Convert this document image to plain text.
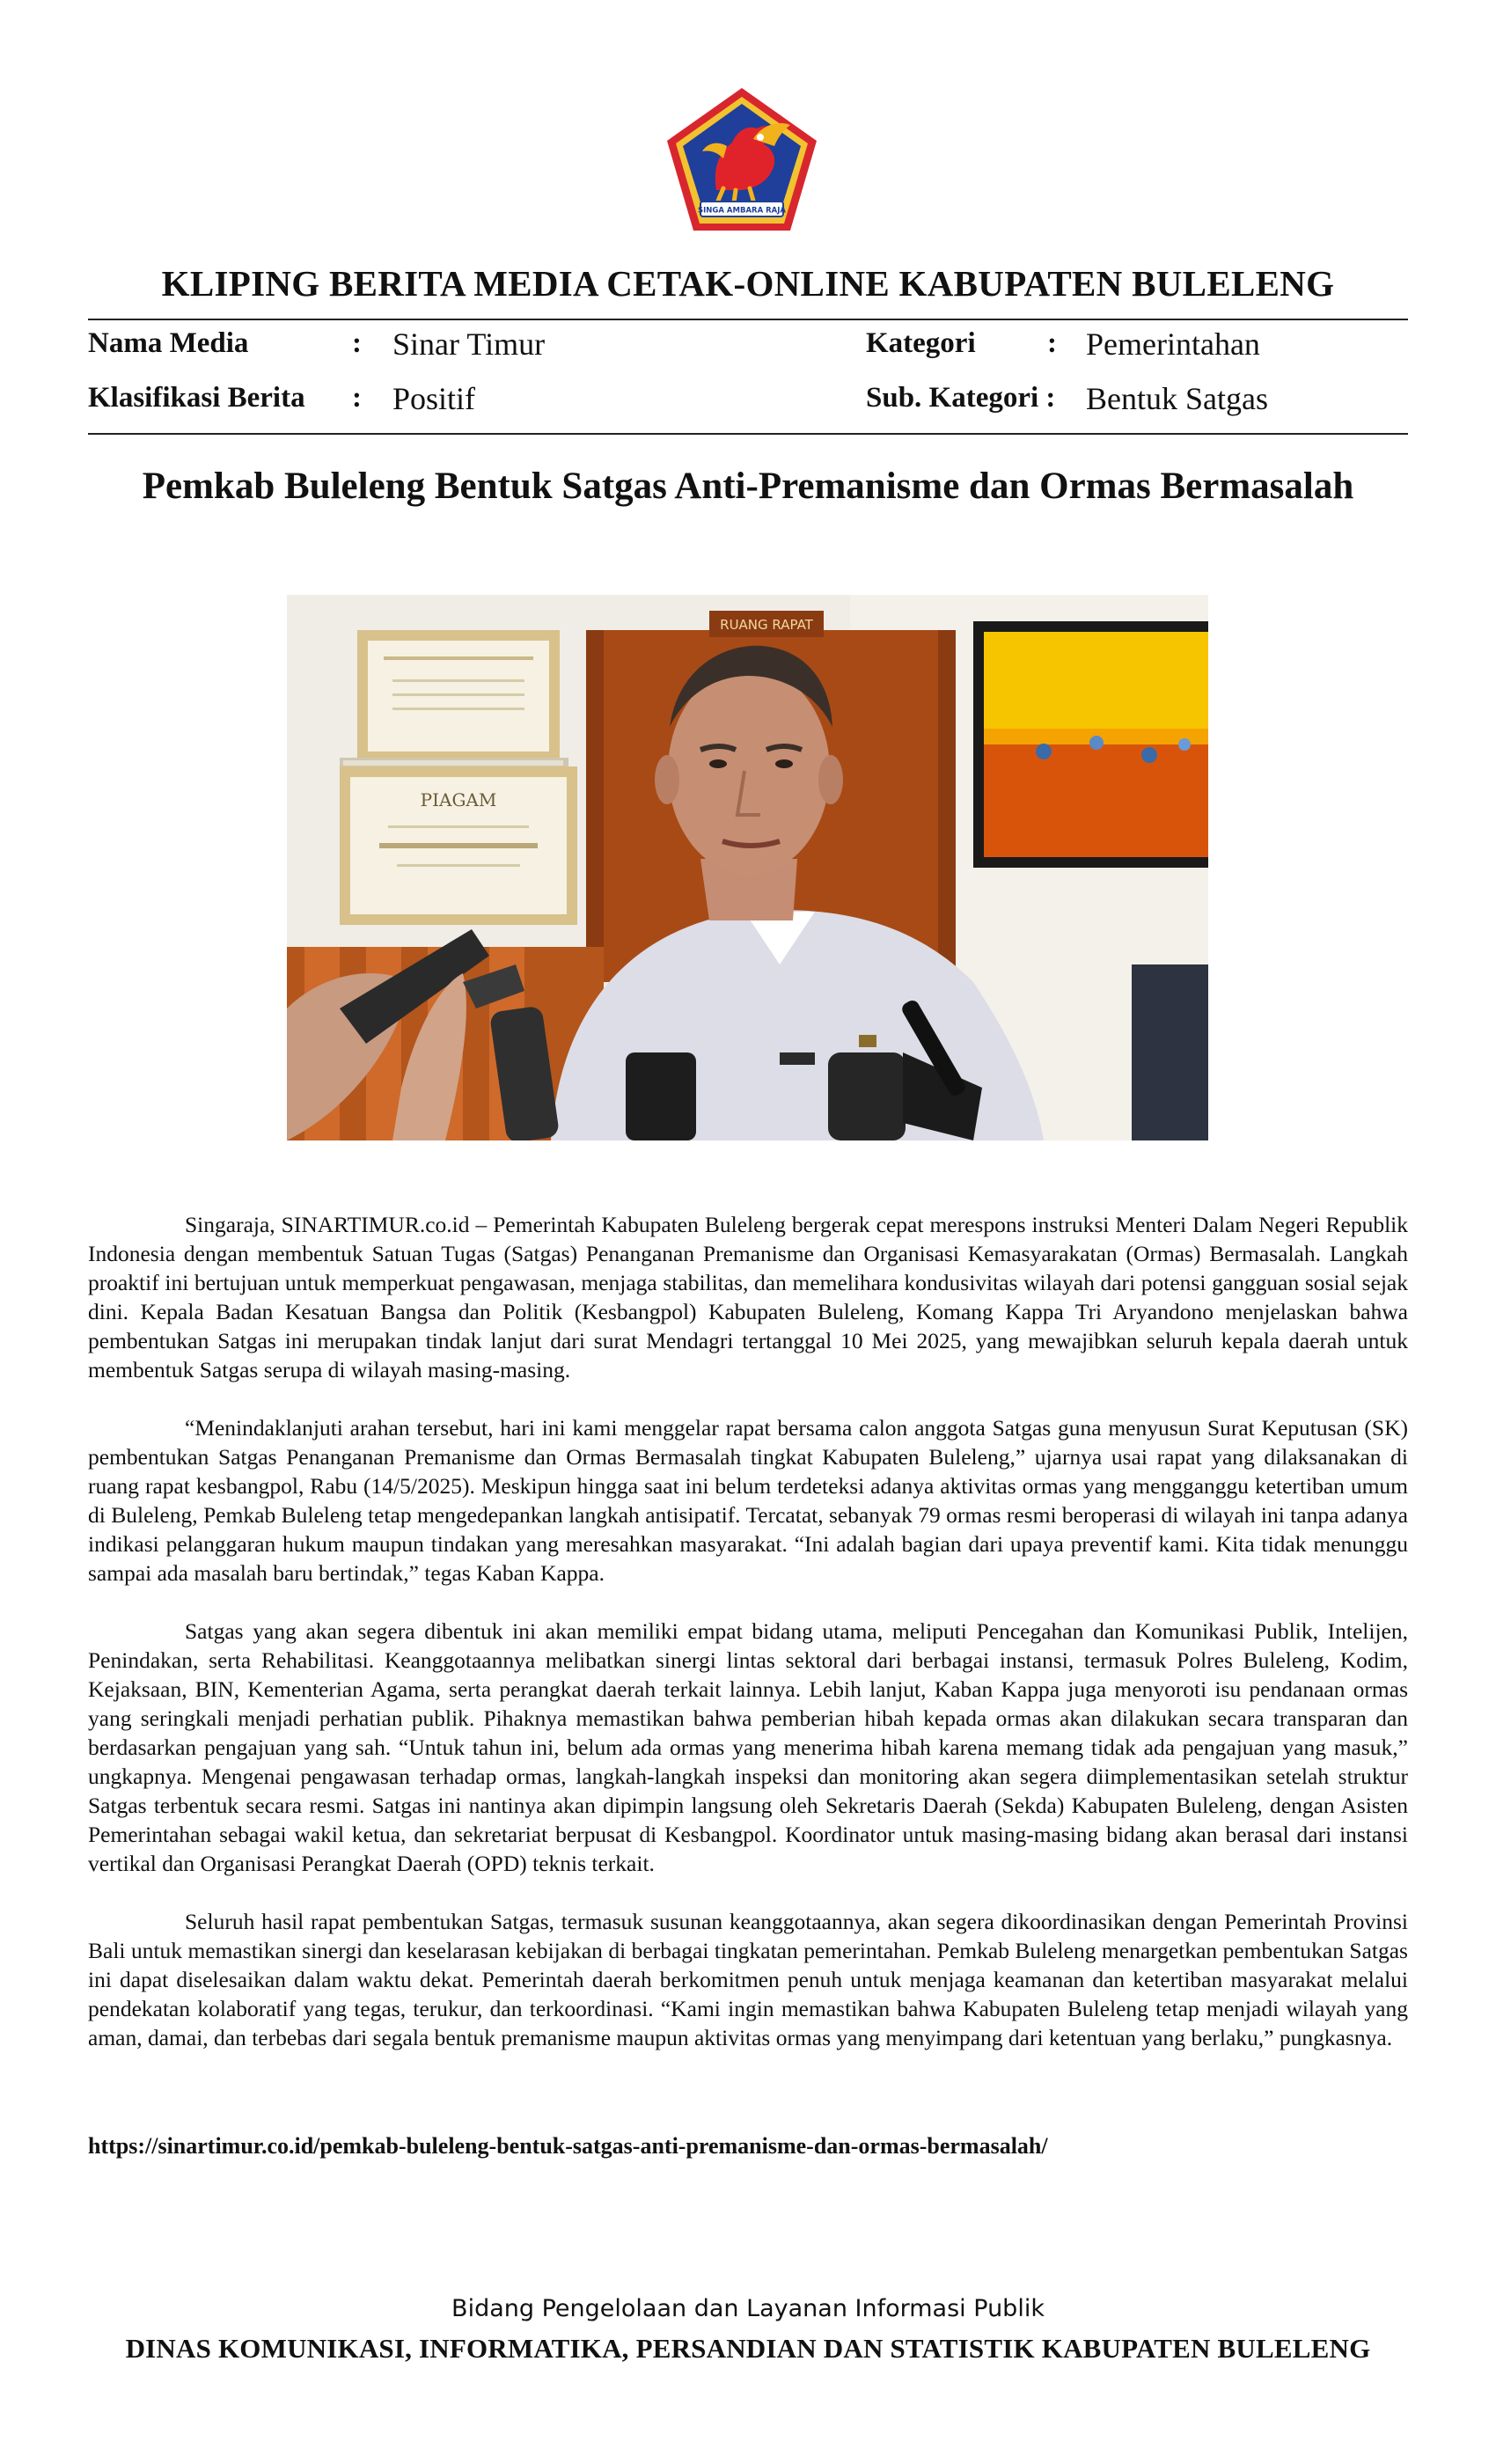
SINGA AMBARA RAJA
KLIPING BERITA MEDIA CETAK-ONLINE KABUPATEN BULELENG
Nama Media	: Sinar Timur	Kategori : Pemerintahan
Klasifikasi Berita : Positif	Sub. Kategori : Bentuk Satgas
Pemkab Buleleng Bentuk Satgas Anti-Premanisme dan Ormas Bermasalah
RUANG RAPAT
PIAGAM

Singaraja, SINARTIMUR.co.id – Pemerintah Kabupaten Buleleng bergerak cepat merespons instruksi Menteri Dalam Negeri Republik Indonesia dengan membentuk Satuan Tugas (Satgas) Penanganan Premanisme dan Organisasi Kemasyarakatan (Ormas) Bermasalah. Langkah proaktif ini bertujuan untuk memperkuat pengawasan, menjaga stabilitas, dan memelihara kondusivitas wilayah dari potensi gangguan sosial sejak dini. Kepala Badan Kesatuan Bangsa dan Politik (Kesbangpol) Kabupaten Buleleng, Komang Kappa Tri Aryandono menjelaskan bahwa pembentukan Satgas ini merupakan tindak lanjut dari surat Mendagri tertanggal 10 Mei 2025, yang mewajibkan seluruh kepala daerah untuk membentuk Satgas serupa di wilayah masing-masing.

“Menindaklanjuti arahan tersebut, hari ini kami menggelar rapat bersama calon anggota Satgas guna menyusun Surat Keputusan (SK) pembentukan Satgas Penanganan Premanisme dan Ormas Bermasalah tingkat Kabupaten Buleleng,” ujarnya usai rapat yang dilaksanakan di ruang rapat kesbangpol, Rabu (14/5/2025). Meskipun hingga saat ini belum terdeteksi adanya aktivitas ormas yang mengganggu ketertiban umum di Buleleng, Pemkab Buleleng tetap mengedepankan langkah antisipatif. Tercatat, sebanyak 79 ormas resmi beroperasi di wilayah ini tanpa adanya indikasi pelanggaran hukum maupun tindakan yang meresahkan masyarakat. “Ini adalah bagian dari upaya preventif kami. Kita tidak menunggu sampai ada masalah baru bertindak,” tegas Kaban Kappa.

Satgas yang akan segera dibentuk ini akan memiliki empat bidang utama, meliputi Pencegahan dan Komunikasi Publik, Intelijen, Penindakan, serta Rehabilitasi. Keanggotaannya melibatkan sinergi lintas sektoral dari berbagai instansi, termasuk Polres Buleleng, Kodim, Kejaksaan, BIN, Kementerian Agama, serta perangkat daerah terkait lainnya. Lebih lanjut, Kaban Kappa juga menyoroti isu pendanaan ormas yang seringkali menjadi perhatian publik. Pihaknya memastikan bahwa pemberian hibah kepada ormas akan dilakukan secara transparan dan berdasarkan pengajuan yang sah. “Untuk tahun ini, belum ada ormas yang menerima hibah karena memang tidak ada pengajuan yang masuk,” ungkapnya. Mengenai pengawasan terhadap ormas, langkah-langkah inspeksi dan monitoring akan segera diimplementasikan setelah struktur Satgas terbentuk secara resmi. Satgas ini nantinya akan dipimpin langsung oleh Sekretaris Daerah (Sekda) Kabupaten Buleleng, dengan Asisten Pemerintahan sebagai wakil ketua, dan sekretariat berpusat di Kesbangpol. Koordinator untuk masing-masing bidang akan berasal dari instansi vertikal dan Organisasi Perangkat Daerah (OPD) teknis terkait.

Seluruh hasil rapat pembentukan Satgas, termasuk susunan keanggotaannya, akan segera dikoordinasikan dengan Pemerintah Provinsi Bali untuk memastikan sinergi dan keselarasan kebijakan di berbagai tingkatan pemerintahan. Pemkab Buleleng menargetkan pembentukan Satgas ini dapat diselesaikan dalam waktu dekat. Pemerintah daerah berkomitmen penuh untuk menjaga keamanan dan ketertiban masyarakat melalui pendekatan kolaboratif yang tegas, terukur, dan terkoordinasi. “Kami ingin memastikan bahwa Kabupaten Buleleng tetap menjadi wilayah yang aman, damai, dan terbebas dari segala bentuk premanisme maupun aktivitas ormas yang menyimpang dari ketentuan yang berlaku,” pungkasnya.

https://sinartimur.co.id/pemkab-buleleng-bentuk-satgas-anti-premanisme-dan-ormas-bermasalah/
Bidang Pengelolaan dan Layanan Informasi Publik
DINAS KOMUNIKASI, INFORMATIKA, PERSANDIAN DAN STATISTIK KABUPATEN BULELENG
